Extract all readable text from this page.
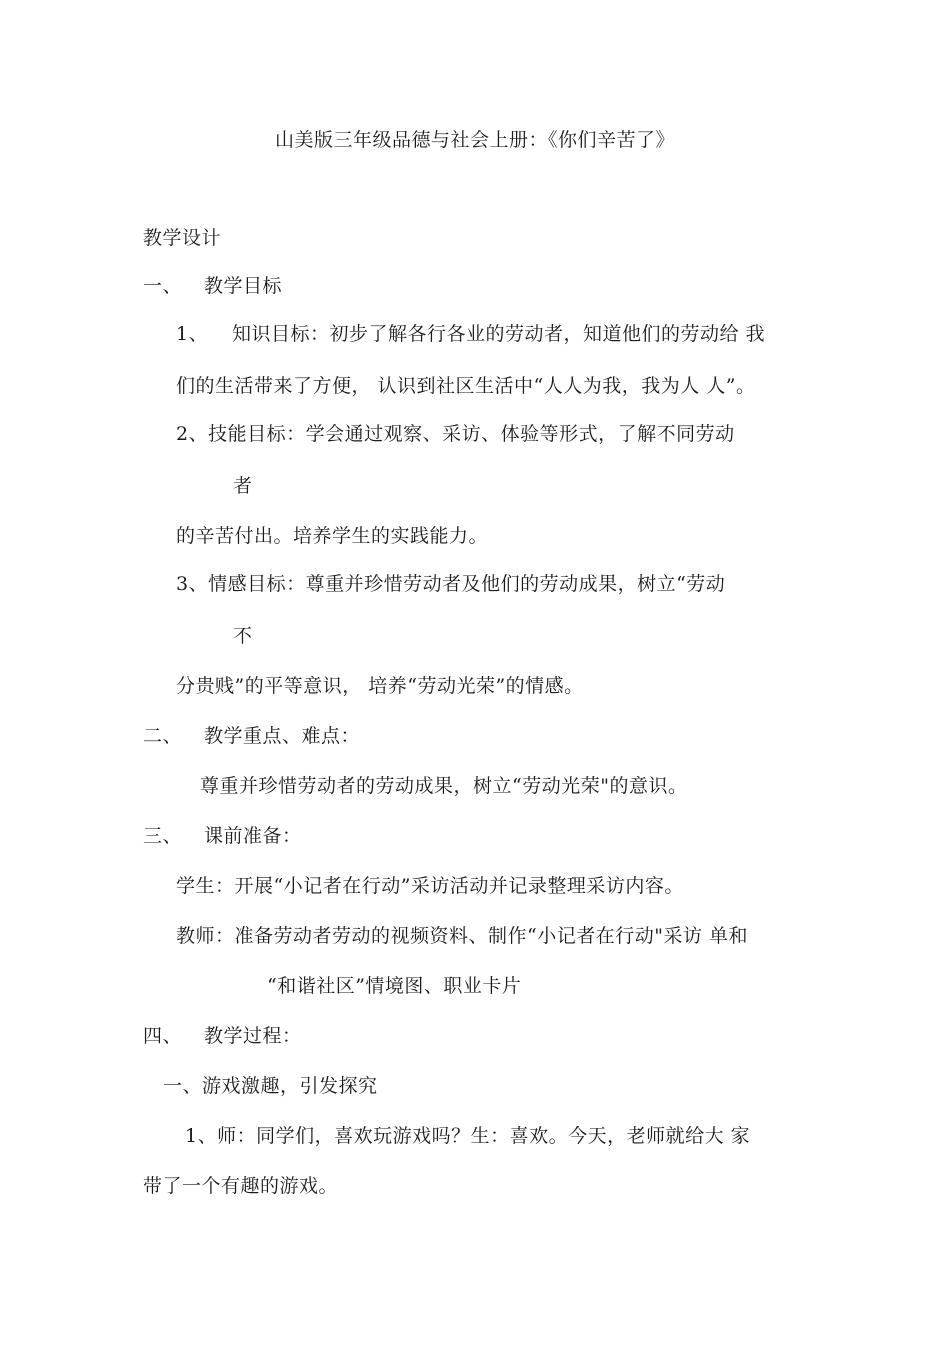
山美版三年级品德与社会上册：《你们辛苦了》
教学设计
一、 教学目标
1、 知识目标：初步了解各行各业的劳动者，知道他们的劳动给 我
们的生活带来了方便， 认识到社区生活中“人人为我，我为人 人”。
2、技能目标：学会通过观察、采访、体验等形式，了解不同劳动
者
的辛苦付出。培养学生的实践能力。
3、情感目标：尊重并珍惜劳动者及他们的劳动成果，树立“劳动
不
分贵贱”的平等意识， 培养“劳动光荣”的情感。
二、 教学重点、难点：
尊重并珍惜劳动者的劳动成果，树立“劳动光荣"的意识。
三、 课前准备：
学生：开展“小记者在行动”采访活动并记录整理采访内容。
教师：准备劳动者劳动的视频资料、制作“小记者在行动"采访 单和
“和谐社区”情境图、职业卡片
四、 教学过程：
一、游戏激趣，引发探究
1、师：同学们，喜欢玩游戏吗？生：喜欢。今天，老师就给大 家
带了一个有趣的游戏。
